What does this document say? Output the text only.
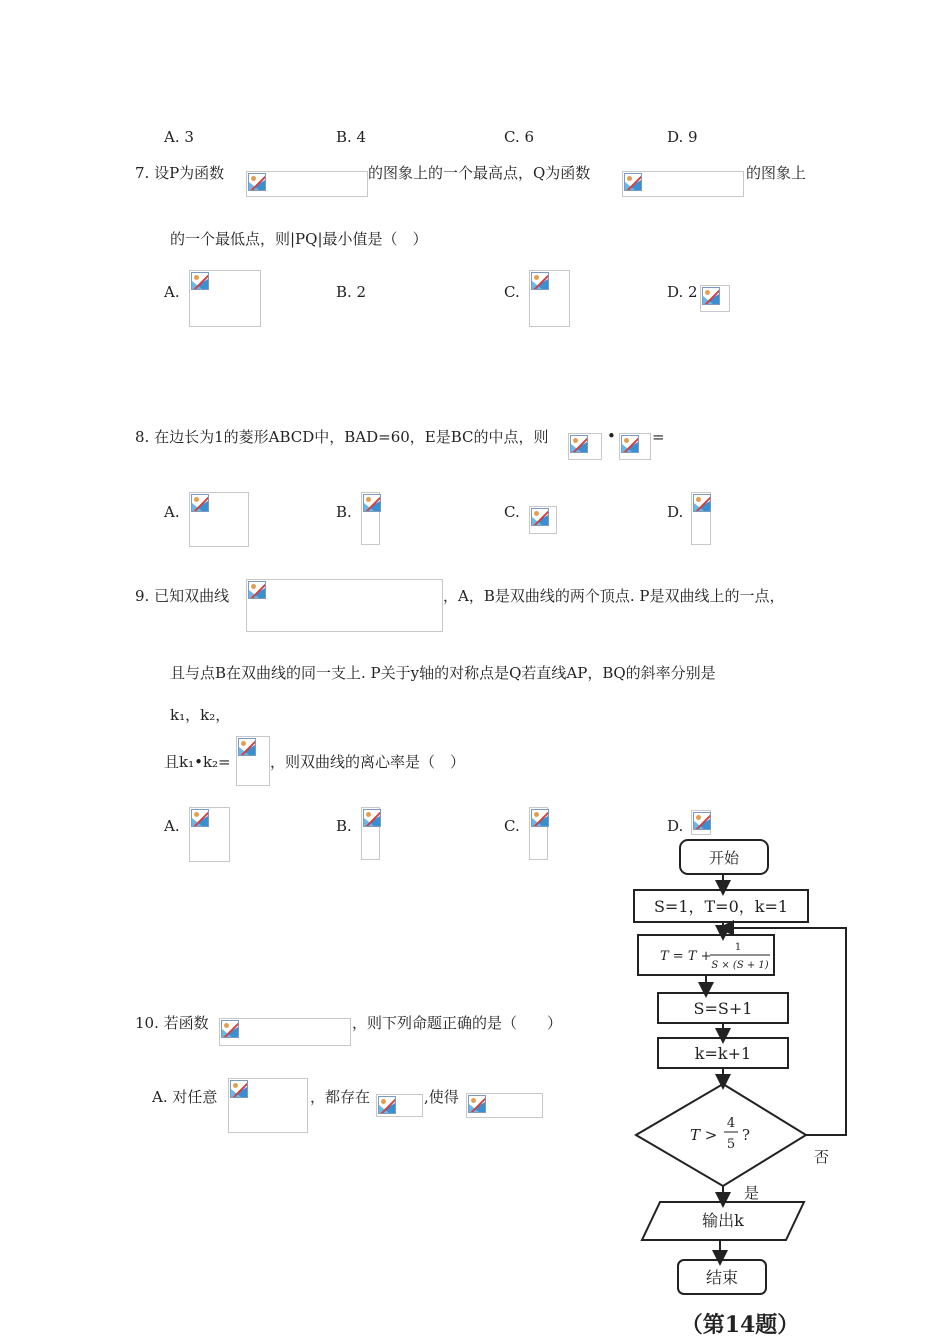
A. 3	B. 4	C. 6	D. 9
7. 设P为函数	的图象上的一个最高点，Q为函数	的图象上
的一个最低点，则|PQ|最小值是（　）
A.	B. 2	C.	D. 2
8. 在边长为1的菱形ABCD中，BAD=60，E是BC的中点，则	• =
A.	B.	C.	D.
9. 已知双曲线	，A，B是双曲线的两个顶点. P是双曲线上的一点，
且与点B在双曲线的同一支上. P关于y轴的对称点是Q若直线AP，BQ的斜率分别是
k₁，k₂，
且k₁•k₂=	，则双曲线的离心率是（　）
A.	B.	C.	D.
10. 若函数	，则下列命题正确的是（　　）
A. 对任意	，都存在	,使得
开始
S=1，T=0，k=1
T = T +
1
S × (S + 1)
S=S+1
k=k+1
T >
4
5
?
是
否
输出k
结束
（第14题）
